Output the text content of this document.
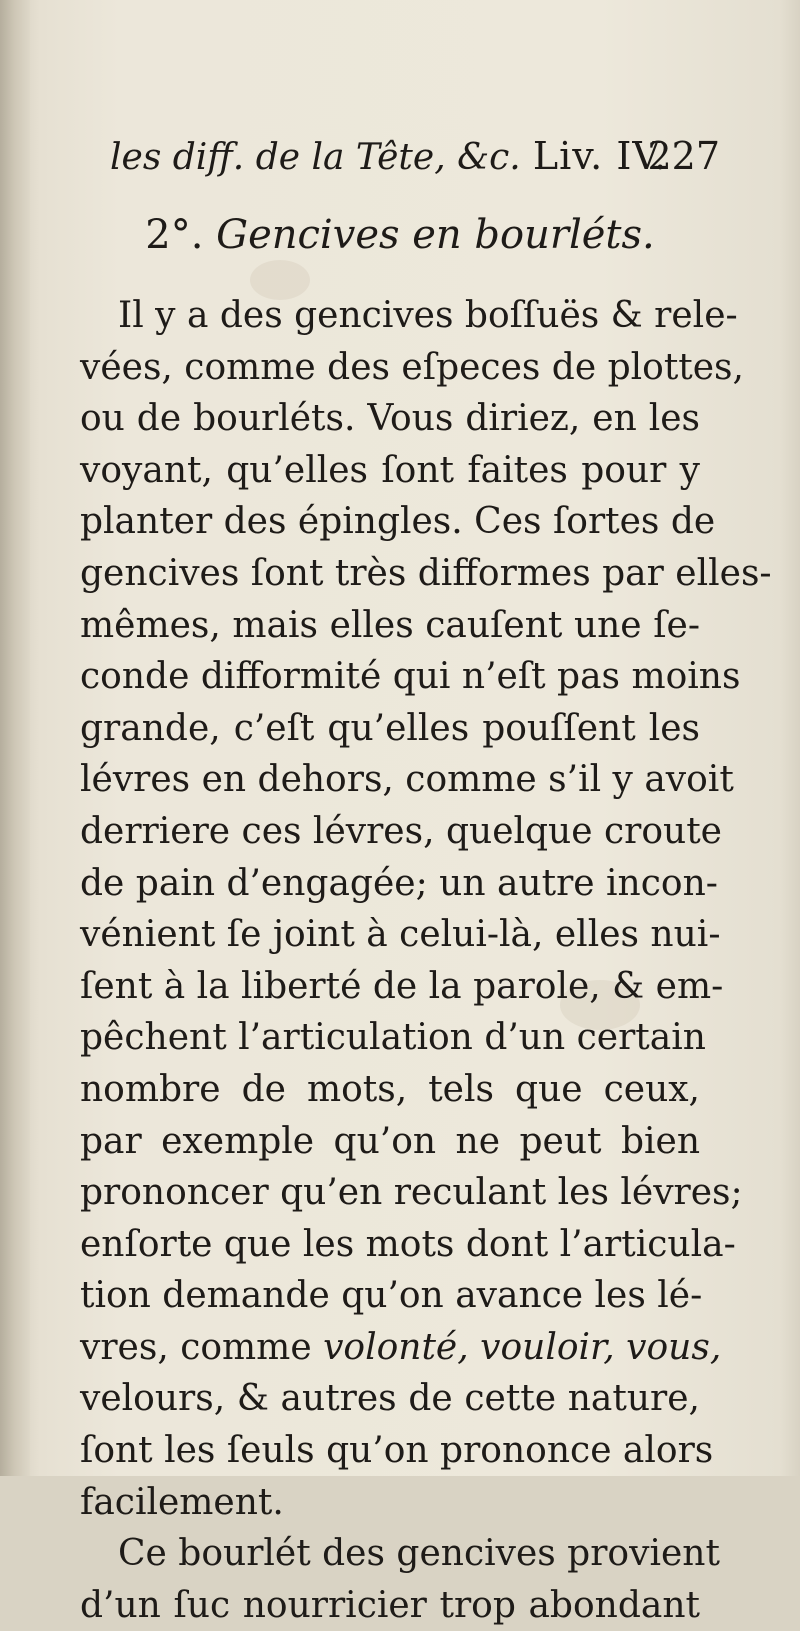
les diff. de la Tête, &c. Liv. IV.
227
2°. Gencives en bourléts.
Il y a des gencives boſſuës & rele-
vées, comme des eſpeces de plottes,
ou de bourléts. Vous diriez, en les
voyant, qu’elles ſont faites pour y
planter des épingles. Ces ſortes de
gencives ſont très difformes par elles-
mêmes, mais elles cauſent une ſe-
conde difformité qui n’eſt pas moins
grande, c’eſt qu’elles pouſſent les
lévres en dehors, comme s’il y avoit
derriere ces lévres, quelque croute
de pain d’engagée; un autre incon-
vénient ſe joint à celui-là, elles nui-
ſent à la liberté de la parole, & em-
pêchent l’articulation d’un certain
nombre de mots, tels que ceux,
par exemple qu’on ne peut bien
prononcer qu’en reculant les lévres;
enſorte que les mots dont l’articula-
tion demande qu’on avance les lé-
vres, comme volonté, vouloir, vous,
velours, & autres de cette nature,
ſont les ſeuls qu’on prononce alors
facilement.
Ce bourlét des gencives provient
d’un ſuc nourricier trop abondant
